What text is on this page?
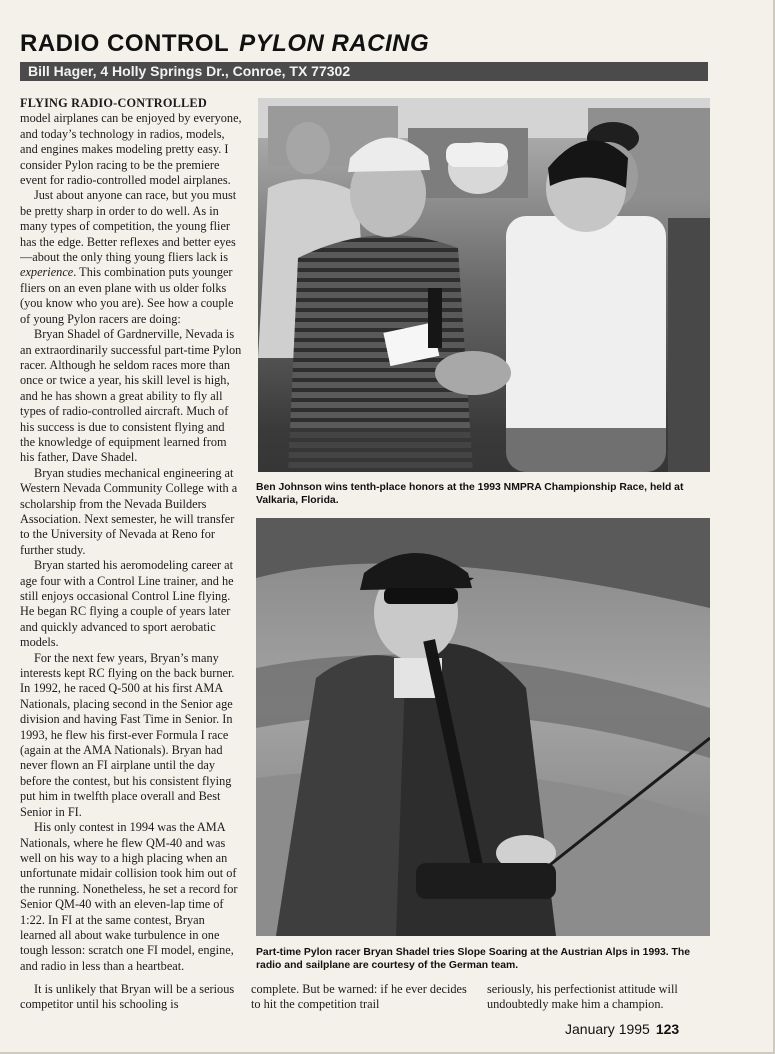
RADIO CONTROL PYLON RACING
Bill Hager, 4 Holly Springs Dr., Conroe, TX 77302

FLYING RADIO-CONTROLLED
model airplanes can be enjoyed by everyone, and today’s technology in radios, models, and engines makes modeling pretty easy. I consider Pylon racing to be the premiere event for radio-controlled model airplanes.

Just about anyone can race, but you must be pretty sharp in order to do well. As in many types of competition, the young flier has the edge. Better reflexes and better eyes—about the only thing young fliers lack is experience. This combination puts younger fliers on an even plane with us older folks (you know who you are). See how a couple of young Pylon racers are doing:

Bryan Shadel of Gardnerville, Nevada is an extraordinarily successful part-time Pylon racer. Although he seldom races more than once or twice a year, his skill level is high, and he has shown a great ability to fly all types of radio-controlled aircraft. Much of his success is due to consistent flying and the knowledge of equipment learned from his father, Dave Shadel.

Bryan studies mechanical engineering at Western Nevada Community College with a scholarship from the Nevada Builders Association. Next semester, he will transfer to the University of Nevada at Reno for further study.

Bryan started his aeromodeling career at age four with a Control Line trainer, and he still enjoys occasional Control Line flying. He began RC flying a couple of years later and quickly advanced to sport aerobatic models.

For the next few years, Bryan’s many interests kept RC flying on the back burner. In 1992, he raced Q-500 at his first AMA Nationals, placing second in the Senior age division and having Fast Time in Senior. In 1993, he flew his first-ever Formula I race (again at the AMA Nationals). Bryan had never flown an FI airplane until the day before the contest, but his consistent flying put him in twelfth place overall and Best Senior in FI.

His only contest in 1994 was the AMA Nationals, where he flew QM-40 and was well on his way to a high placing when an unfortunate midair collision took him out of the running. Nonetheless, he set a record for Senior QM-40 with an eleven-lap time of 1:22. In FI at the same contest, Bryan learned all about wake turbulence in one tough lesson: scratch one FI model, engine, and radio in less than a heartbeat.

It is unlikely that Bryan will be a serious competitor until his schooling is

complete. But be warned: if he ever decides to hit the competition trail

seriously, his perfectionist attitude will undoubtedly make him a champion.

Ben Johnson wins tenth-place honors at the 1993 NMPRA Championship Race, held at Valkaria, Florida.
Part-time Pylon racer Bryan Shadel tries Slope Soaring at the Austrian Alps in 1993. The radio and sailplane are courtesy of the German team.
January 1995 123
